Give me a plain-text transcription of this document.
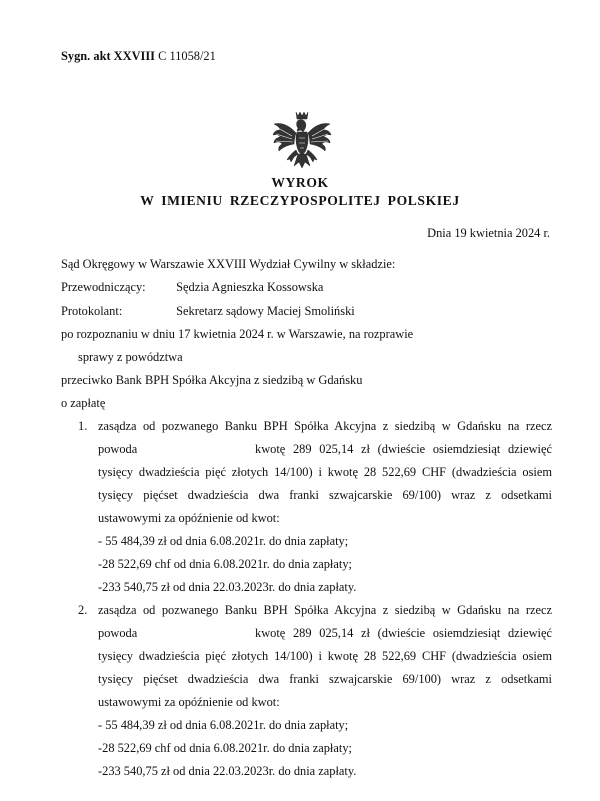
Sygn. akt XXVIII C 11058/21
WYROK
W IMIENIU RZECZYPOSPOLITEJ POLSKIEJ
Dnia 19 kwietnia 2024 r.
Sąd Okręgowy w Warszawie XXVIII Wydział Cywilny w składzie:
Przewodniczący: Sędzia Agnieszka Kossowska
Protokolant:	Sekretarz sądowy Maciej Smoliński
po rozpoznaniu w dniu 17 kwietnia 2024 r. w Warszawie, na rozprawie
sprawy z powództwa
przeciwko Bank BPH Spółka Akcyjna z siedzibą w Gdańsku
o zapłatę
1. zasądza od pozwanego Banku BPH Spółka Akcyjna z siedzibą w Gdańsku na rzecz
powoda	kwotę 289 025,14 zł (dwieście osiemdziesiąt dziewięć
tysięcy dwadzieścia pięć złotych 14/100) i kwotę 28 522,69 CHF (dwadzieścia osiem
tysięcy pięćset dwadzieścia dwa franki szwajcarskie 69/100) wraz z odsetkami
ustawowymi za opóźnienie od kwot:
- 55 484,39 zł od dnia 6.08.2021r. do dnia zapłaty;
-28 522,69 chf od dnia 6.08.2021r. do dnia zapłaty;
-233 540,75 zł od dnia 22.03.2023r. do dnia zapłaty.
2. zasądza od pozwanego Banku BPH Spółka Akcyjna z siedzibą w Gdańsku na rzecz
powoda	kwotę 289 025,14 zł (dwieście osiemdziesiąt dziewięć
tysięcy dwadzieścia pięć złotych 14/100) i kwotę 28 522,69 CHF (dwadzieścia osiem
tysięcy pięćset dwadzieścia dwa franki szwajcarskie 69/100) wraz z odsetkami
ustawowymi za opóźnienie od kwot:
- 55 484,39 zł od dnia 6.08.2021r. do dnia zapłaty;
-28 522,69 chf od dnia 6.08.2021r. do dnia zapłaty;
-233 540,75 zł od dnia 22.03.2023r. do dnia zapłaty.
